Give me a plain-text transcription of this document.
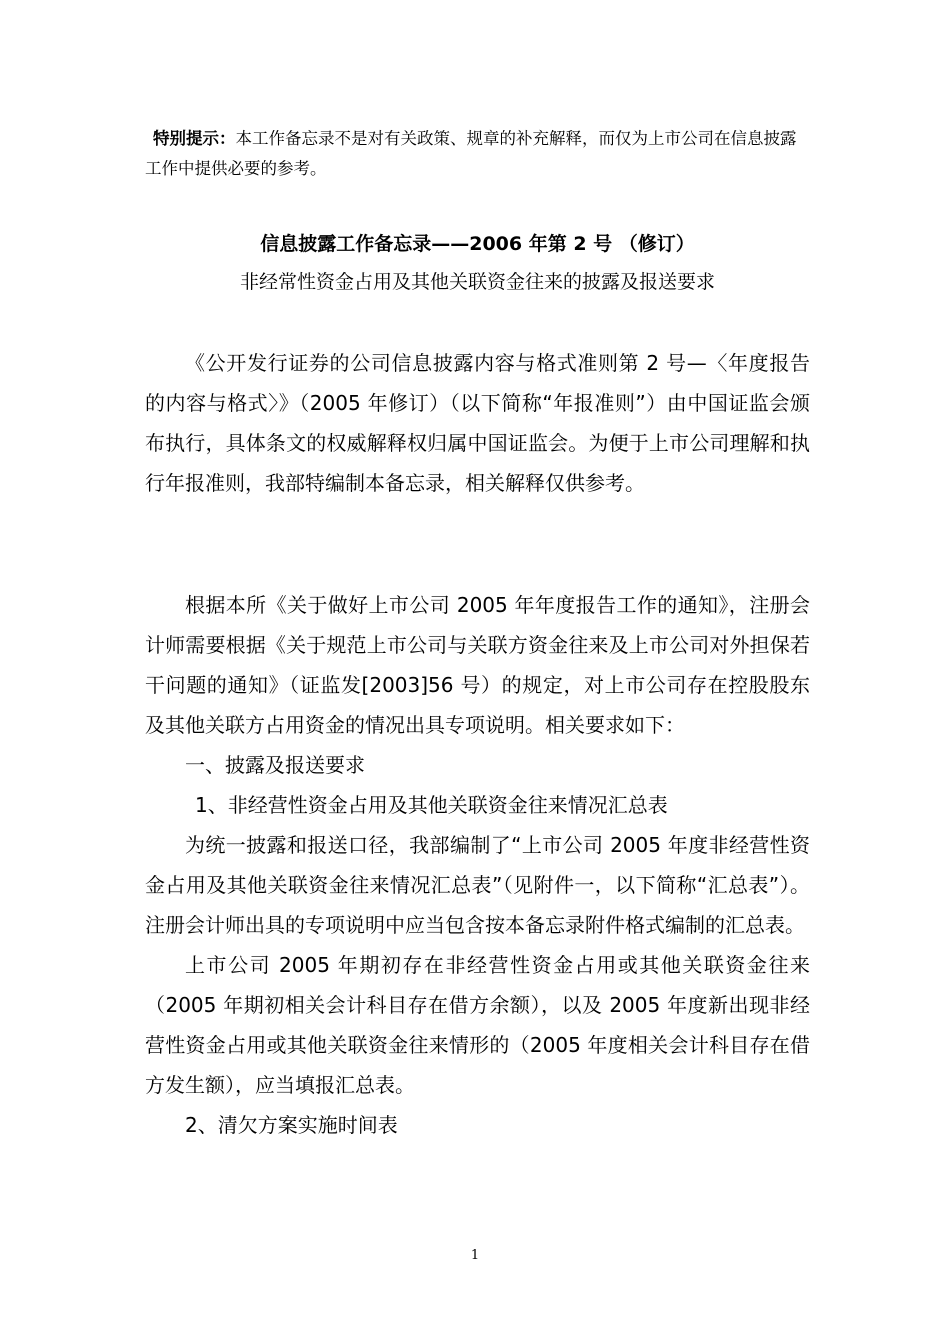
特别提示：本工作备忘录不是对有关政策、规章的补充解释，而仅为上市公司在信息披露工作中提供必要的参考。
信息披露工作备忘录——2006 年第 2 号 （修订）
非经常性资金占用及其他关联资金往来的披露及报送要求

《公开发行证券的公司信息披露内容与格式准则第 2 号—〈年度报告的内容与格式〉》（2005 年修订）（以下简称“年报准则”）由中国证监会颁布执行，具体条文的权威解释权归属中国证监会。为便于上市公司理解和执行年报准则，我部特编制本备忘录，相关解释仅供参考。

根据本所《关于做好上市公司 2005 年年度报告工作的通知》，注册会计师需要根据《关于规范上市公司与关联方资金往来及上市公司对外担保若干问题的通知》（证监发[2003]56 号）的规定，对上市公司存在控股股东及其他关联方占用资金的情况出具专项说明。相关要求如下：

一、披露及报送要求

1、非经营性资金占用及其他关联资金往来情况汇总表

为统一披露和报送口径，我部编制了“上市公司 2005 年度非经营性资金占用及其他关联资金往来情况汇总表”（见附件一，以下简称“汇总表”）。注册会计师出具的专项说明中应当包含按本备忘录附件格式编制的汇总表。

上市公司 2005 年期初存在非经营性资金占用或其他关联资金往来（2005 年期初相关会计科目存在借方余额），以及 2005 年度新出现非经营性资金占用或其他关联资金往来情形的（2005 年度相关会计科目存在借方发生额），应当填报汇总表。

2、清欠方案实施时间表

1
